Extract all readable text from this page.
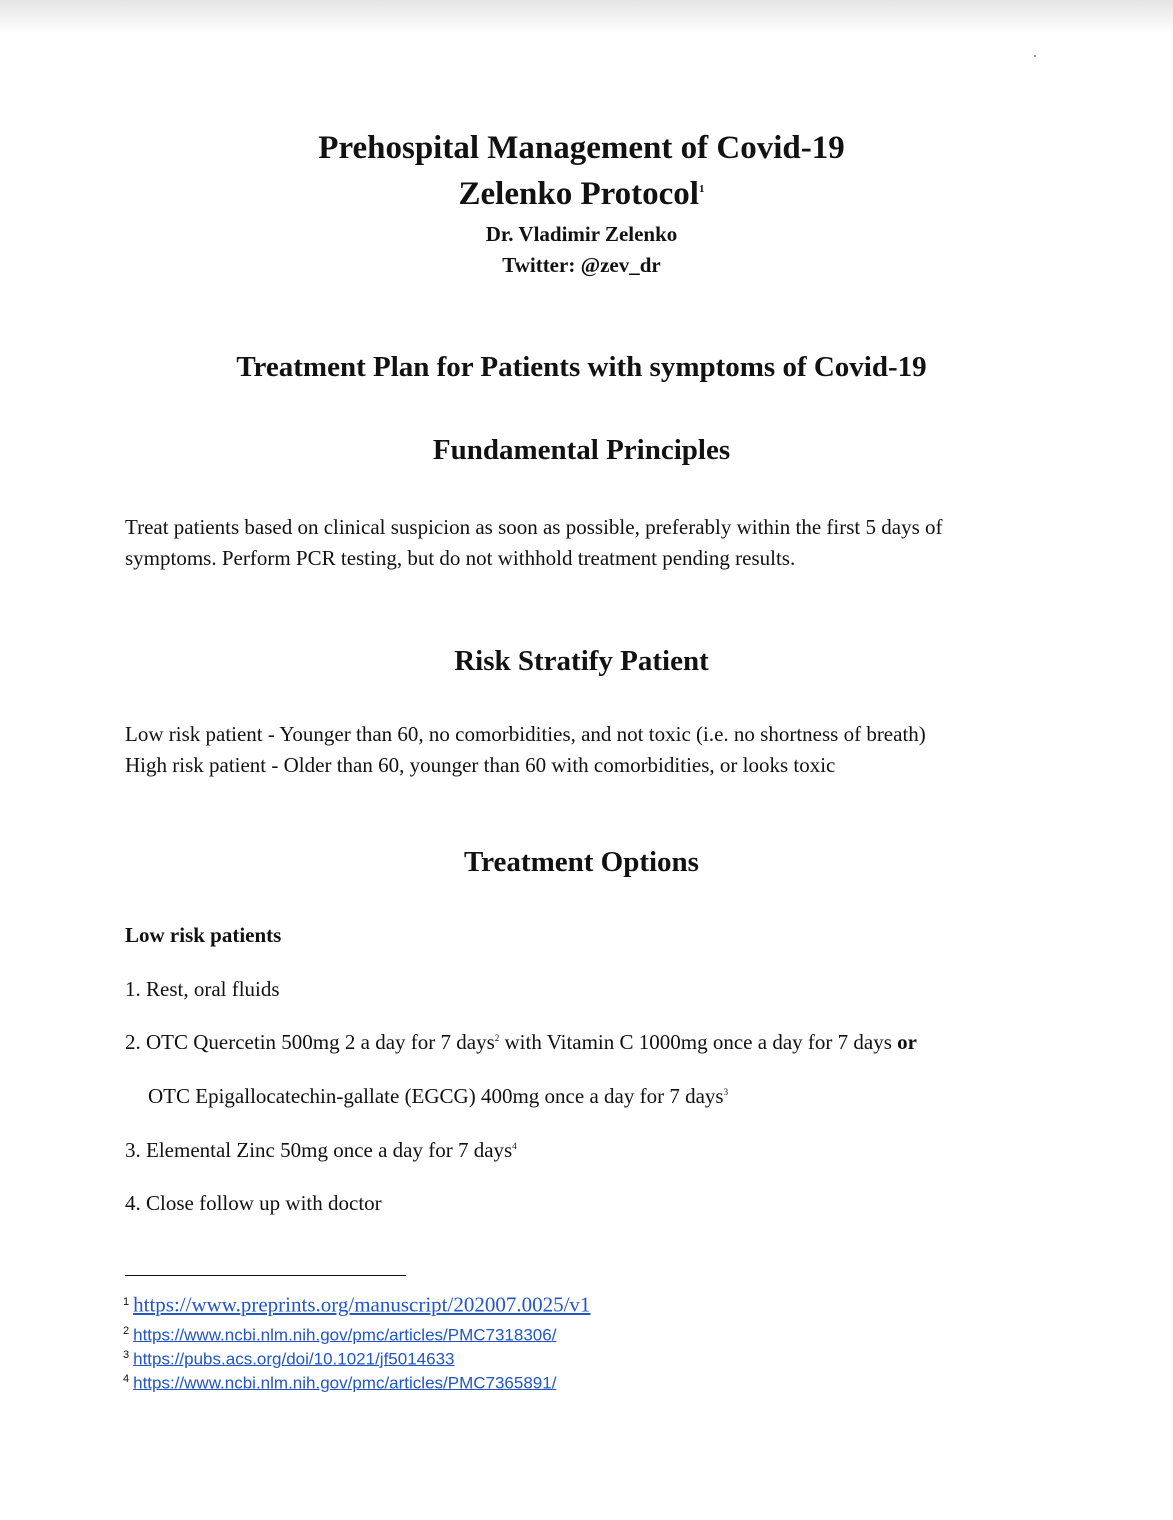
Prehospital Management of Covid-19

Zelenko Protocol$^1$

Dr. Vladimir Zelenko

Twitter: @zev_dr

Treatment Plan for Patients with symptoms of Covid-19

Fundamental Principles

Treat patients based on clinical suspicion as soon as possible, preferably within the first 5 days of

symptoms. Perform PCR testing, but do not withhold treatment pending results.

Risk Stratify Patient

Low risk patient - Younger than 60, no comorbidities, and not toxic (i.e. no shortness of breath)

High risk patient - Older than 60, younger than 60 with comorbidities, or looks toxic

Treatment Options

Low risk patients

1. Rest, oral fluids

2. OTC Quercetin 500mg 2 a day for 7 days$^2$ with Vitamin C 1000mg once a day for 7 days or

OTC Epigallocatechin-gallate (EGCG) 400mg once a day for 7 days$^3$

3. Elemental Zinc 50mg once a day for 7 days$^4$

4. Close follow up with doctor

$^1$ https://www.preprints.org/manuscript/202007.0025/v1
$^2$ https://www.ncbi.nlm.nih.gov/pmc/articles/PMC7318306/
$^3$ https://pubs.acs.org/doi/10.1021/jf5014633
$^4$ https://www.ncbi.nlm.nih.gov/pmc/articles/PMC7365891/
